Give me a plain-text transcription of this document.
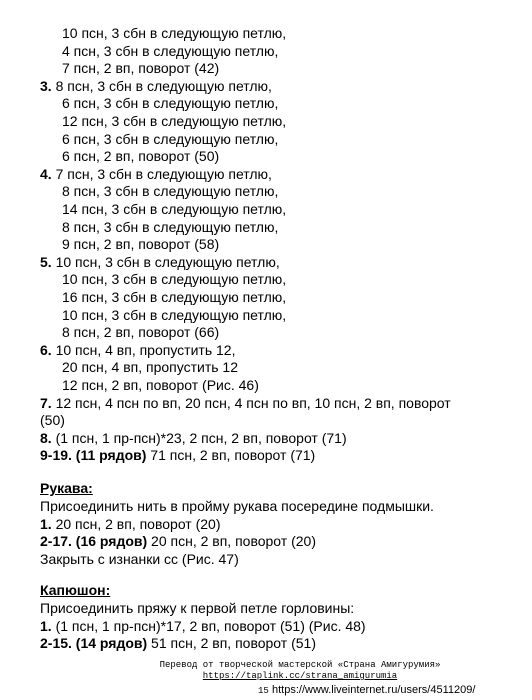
10 псн, 3 сбн в следующую петлю,
4 псн, 3 сбн в следующую петлю,
7 псн, 2 вп, поворот (42)
3. 8 псн, 3 сбн в следующую петлю,
6 псн, 3 сбн в следующую петлю,
12 псн, 3 сбн в следующую петлю,
6 псн, 3 сбн в следующую петлю,
6 псн, 2 вп, поворот (50)
4. 7 псн, 3 сбн в следующую петлю,
8 псн, 3 сбн в следующую петлю,
14 псн, 3 сбн в следующую петлю,
8 псн, 3 сбн в следующую петлю,
9 псн, 2 вп, поворот (58)
5. 10 псн, 3 сбн в следующую петлю,
10 псн, 3 сбн в следующую петлю,
16 псн, 3 сбн в следующую петлю,
10 псн, 3 сбн в следующую петлю,
8 псн, 2 вп, поворот (66)
6. 10 псн, 4 вп, пропустить 12,
20 псн, 4 вп, пропустить 12
12 псн, 2 вп, поворот (Рис. 46)
7. 12 псн, 4 псн по вп, 20 псн, 4 псн по вп, 10 псн, 2 вп, поворот
(50)
8. (1 псн, 1 пр-псн)*23, 2 псн, 2 вп, поворот (71)
9-19. (11 рядов) 71 псн, 2 вп, поворот (71)
Рукава:
Присоединить нить в пройму рукава посередине подмышки.
1. 20 псн, 2 вп, поворот (20)
2-17. (16 рядов) 20 псн, 2 вп, поворот (20)
Закрыть с изнанки сс (Рис. 47)
Капюшон:
Присоединить пряжу к первой петле горловины:
1. (1 псн, 1 пр-псн)*17, 2 вп, поворот (51) (Рис. 48)
2-15. (14 рядов) 51 псн, 2 вп, поворот (51)
Перевод от творческой мастерской «Страна Амигурумия»
https://taplink.cc/strana_amigurumia
15 https://www.liveinternet.ru/users/4511209/
